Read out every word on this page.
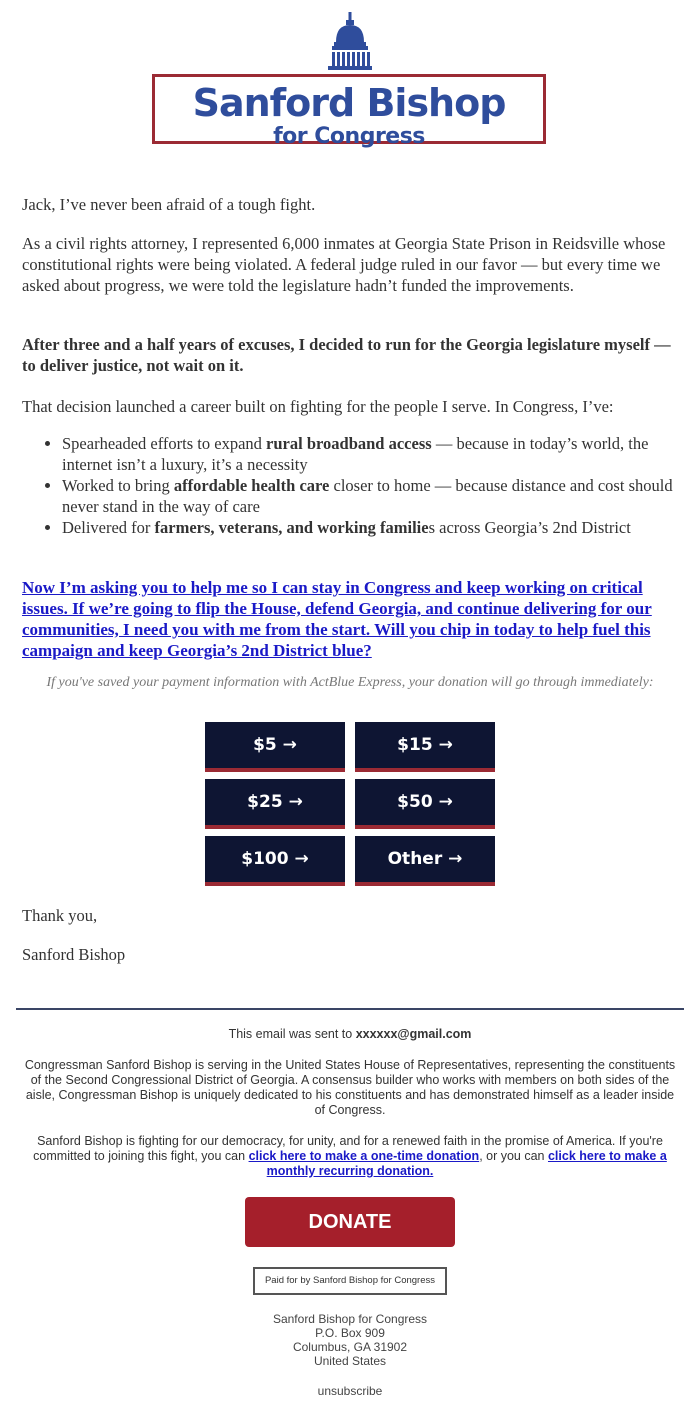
Sanford Bishop
for Congress

Jack, I’ve never been afraid of a tough fight.

As a civil rights attorney, I represented 6,000 inmates at Georgia State Prison in Reidsville whose constitutional rights were being violated. A federal judge ruled in our favor — but every time we asked about progress, we were told the legislature hadn’t funded the improvements.

After three and a half years of excuses, I decided to run for the Georgia legislature myself — to deliver justice, not wait on it.

That decision launched a career built on fighting for the people I serve. In Congress, I’ve:

• Spearheaded efforts to expand rural broadband access — because in today’s world, the internet isn’t a luxury, it’s a necessity
• Worked to bring affordable health care closer to home — because distance and cost should never stand in the way of care
• Delivered for farmers, veterans, and working families across Georgia’s 2nd District
Now I’m asking you to help me so I can stay in Congress and keep working on critical issues. If we’re going to flip the House, defend Georgia, and continue delivering for our communities, I need you with me from the start. Will you chip in today to help fuel this campaign and keep Georgia’s 2nd District blue?
If you've saved your payment information with ActBlue Express, your donation will go through immediately:
$5 →	$15 →
$25 →	$50 →
$100 →	Other →
Thank you,
Sanford Bishop
This email was sent to xxxxxx@gmail.com
Congressman Sanford Bishop is serving in the United States House of Representatives, representing the constituents of the Second Congressional District of Georgia. A consensus builder who works with members on both sides of the aisle, Congressman Bishop is uniquely dedicated to his constituents and has demonstrated himself as a leader inside of Congress.
Sanford Bishop is fighting for our democracy, for unity, and for a renewed faith in the promise of America. If you're committed to joining this fight, you can click here to make a one-time donation, or you can click here to make a monthly recurring donation.
DONATE
Paid for by Sanford Bishop for Congress
Sanford Bishop for Congress
P.O. Box 909
Columbus, GA 31902
United States
unsubscribe
